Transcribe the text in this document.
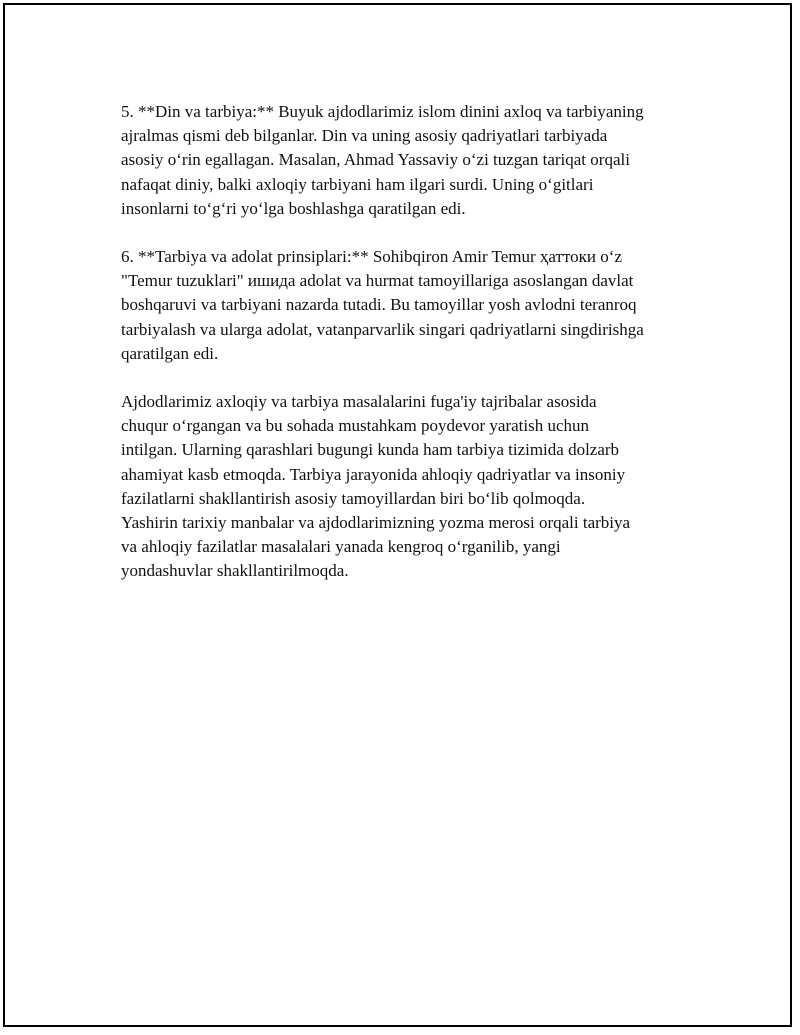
5. **Din va tarbiya:** Buyuk ajdodlarimiz islom dinini axloq va tarbiyaning
ajralmas qismi deb bilganlar. Din va uning asosiy qadriyatlari tarbiyada
asosiy o‘rin egallagan. Masalan, Ahmad Yassaviy o‘zi tuzgan tariqat orqali
nafaqat diniy, balki axloqiy tarbiyani ham ilgari surdi. Uning o‘gitlari
insonlarni to‘g‘ri yo‘lga boshlashga qaratilgan edi.

6. **Tarbiya va adolat prinsiplari:** Sohibqiron Amir Temur ҳаттоки o‘z
"Temur tuzuklari" ишида adolat va hurmat tamoyillariga asoslangan davlat
boshqaruvi va tarbiyani nazarda tutadi. Bu tamoyillar yosh avlodni teranroq
tarbiyalash va ularga adolat, vatanparvarlik singari qadriyatlarni singdirishga
qaratilgan edi.

Ajdodlarimiz axloqiy va tarbiya masalalarini fuga'iy tajribalar asosida
chuqur o‘rgangan va bu sohada mustahkam poydevor yaratish uchun
intilgan. Ularning qarashlari bugungi kunda ham tarbiya tizimida dolzarb
ahamiyat kasb etmoqda. Tarbiya jarayonida ahloqiy qadriyatlar va insoniy
fazilatlarni shakllantirish asosiy tamoyillardan biri bo‘lib qolmoqda.
Yashirin tarixiy manbalar va ajdodlarimizning yozma merosi orqali tarbiya
va ahloqiy fazilatlar masalalari yanada kengroq o‘rganilib, yangi
yondashuvlar shakllantirilmoqda.
